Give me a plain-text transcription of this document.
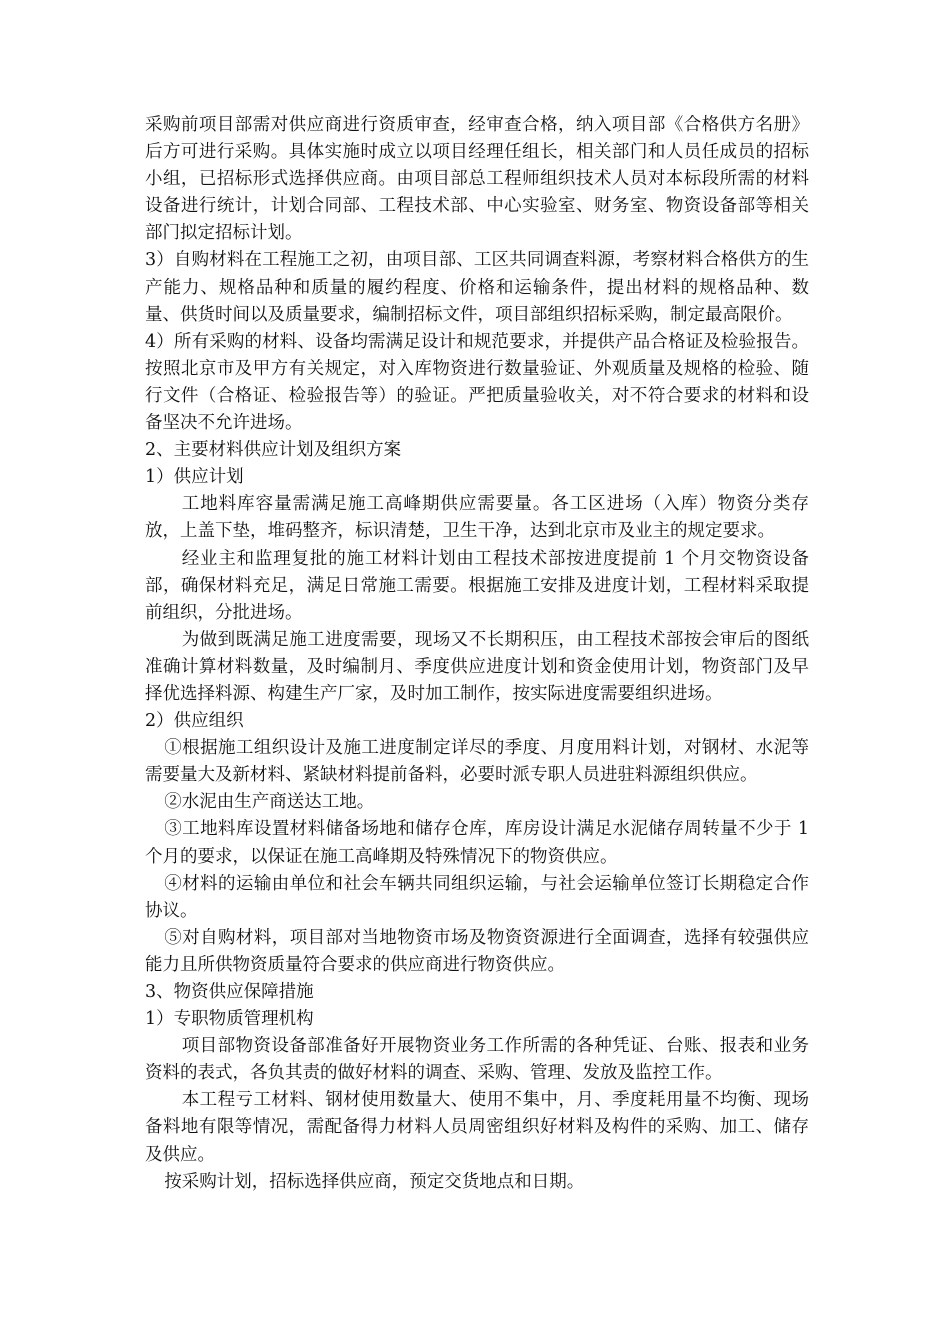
采购前项目部需对供应商进行资质审查，经审查合格，纳入项目部《合格供方名册》后方可进行采购。具体实施时成立以项目经理任组长，相关部门和人员任成员的招标小组，已招标形式选择供应商。由项目部总工程师组织技术人员对本标段所需的材料设备进行统计，计划合同部、工程技术部、中心实验室、财务室、物资设备部等相关部门拟定招标计划。

3）自购材料在工程施工之初，由项目部、工区共同调查料源，考察材料合格供方的生产能力、规格品种和质量的履约程度、价格和运输条件，提出材料的规格品种、数量、供货时间以及质量要求，编制招标文件，项目部组织招标采购，制定最高限价。

4）所有采购的材料、设备均需满足设计和规范要求，并提供产品合格证及检验报告。按照北京市及甲方有关规定，对入库物资进行数量验证、外观质量及规格的检验、随行文件（合格证、检验报告等）的验证。严把质量验收关，对不符合要求的材料和设备坚决不允许进场。

2、主要材料供应计划及组织方案

1）供应计划

工地料库容量需满足施工高峰期供应需要量。各工区进场（入库）物资分类存放，上盖下垫，堆码整齐，标识清楚，卫生干净，达到北京市及业主的规定要求。

经业主和监理复批的施工材料计划由工程技术部按进度提前 1 个月交物资设备部，确保材料充足，满足日常施工需要。根据施工安排及进度计划，工程材料采取提前组织，分批进场。

为做到既满足施工进度需要，现场又不长期积压，由工程技术部按会审后的图纸准确计算材料数量，及时编制月、季度供应进度计划和资金使用计划，物资部门及早择优选择料源、构建生产厂家，及时加工制作，按实际进度需要组织进场。

2）供应组织

①根据施工组织设计及施工进度制定详尽的季度、月度用料计划，对钢材、水泥等需要量大及新材料、紧缺材料提前备料，必要时派专职人员进驻料源组织供应。

②水泥由生产商送达工地。

③工地料库设置材料储备场地和储存仓库，库房设计满足水泥储存周转量不少于 1 个月的要求，以保证在施工高峰期及特殊情况下的物资供应。

④材料的运输由单位和社会车辆共同组织运输，与社会运输单位签订长期稳定合作协议。

⑤对自购材料，项目部对当地物资市场及物资资源进行全面调查，选择有较强供应能力且所供物资质量符合要求的供应商进行物资供应。

3、物资供应保障措施

1）专职物质管理机构

项目部物资设备部准备好开展物资业务工作所需的各种凭证、台账、报表和业务资料的表式，各负其责的做好材料的调查、采购、管理、发放及监控工作。

本工程亏工材料、钢材使用数量大、使用不集中，月、季度耗用量不均衡、现场备料地有限等情况，需配备得力材料人员周密组织好材料及构件的采购、加工、储存及供应。

按采购计划，招标选择供应商，预定交货地点和日期。
